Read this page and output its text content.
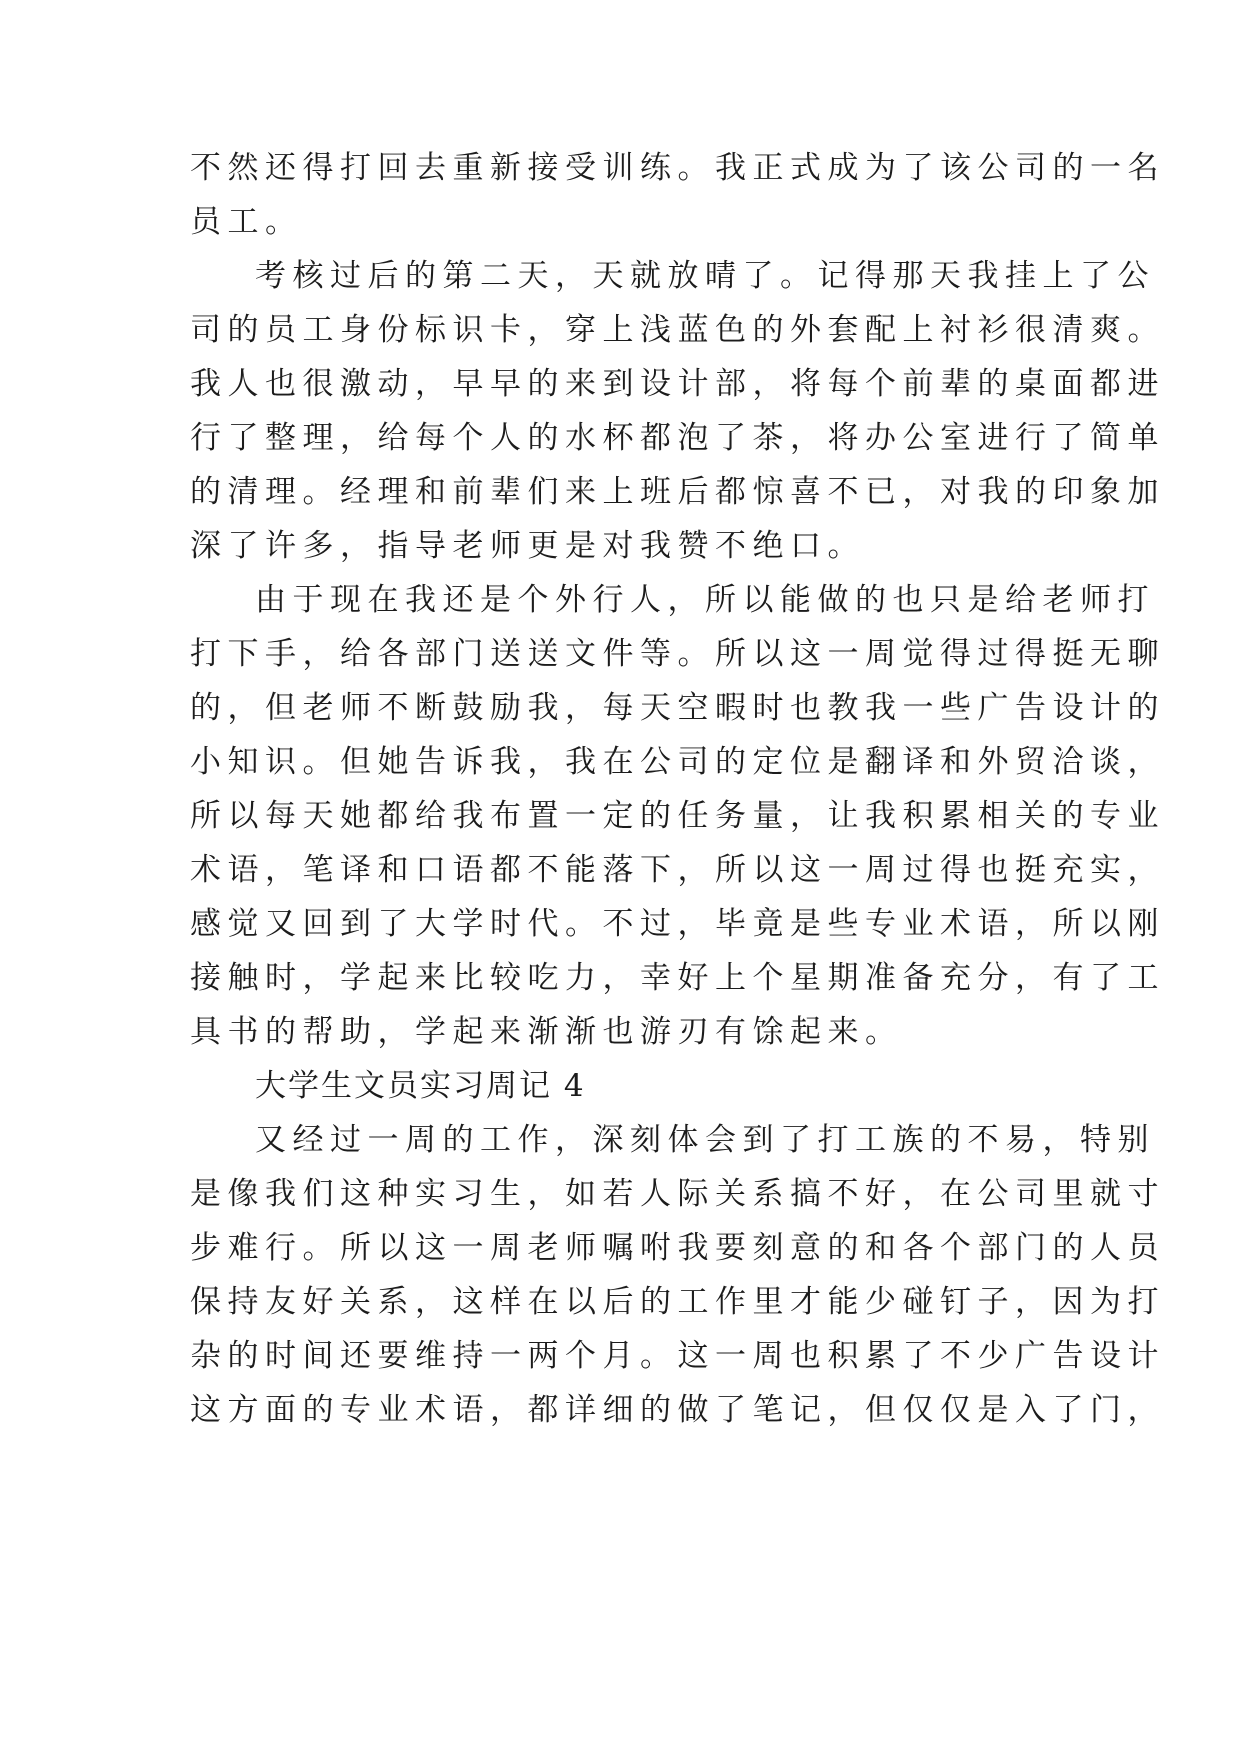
不然还得打回去重新接受训练。我正式成为了该公司的一名
员工。
考核过后的第二天，天就放晴了。记得那天我挂上了公
司的员工身份标识卡，穿上浅蓝色的外套配上衬衫很清爽。
我人也很激动，早早的来到设计部，将每个前辈的桌面都进
行了整理，给每个人的水杯都泡了茶，将办公室进行了简单
的清理。经理和前辈们来上班后都惊喜不已，对我的印象加
深了许多，指导老师更是对我赞不绝口。
由于现在我还是个外行人，所以能做的也只是给老师打
打下手，给各部门送送文件等。所以这一周觉得过得挺无聊
的，但老师不断鼓励我，每天空暇时也教我一些广告设计的
小知识。但她告诉我，我在公司的定位是翻译和外贸洽谈，
所以每天她都给我布置一定的任务量，让我积累相关的专业
术语，笔译和口语都不能落下，所以这一周过得也挺充实，
感觉又回到了大学时代。不过，毕竟是些专业术语，所以刚
接触时，学起来比较吃力，幸好上个星期准备充分，有了工
具书的帮助，学起来渐渐也游刃有馀起来。
大学生文员实习周记 4
又经过一周的工作，深刻体会到了打工族的不易，特别
是像我们这种实习生，如若人际关系搞不好，在公司里就寸
步难行。所以这一周老师嘱咐我要刻意的和各个部门的人员
保持友好关系，这样在以后的工作里才能少碰钉子，因为打
杂的时间还要维持一两个月。这一周也积累了不少广告设计
这方面的专业术语，都详细的做了笔记，但仅仅是入了门，
